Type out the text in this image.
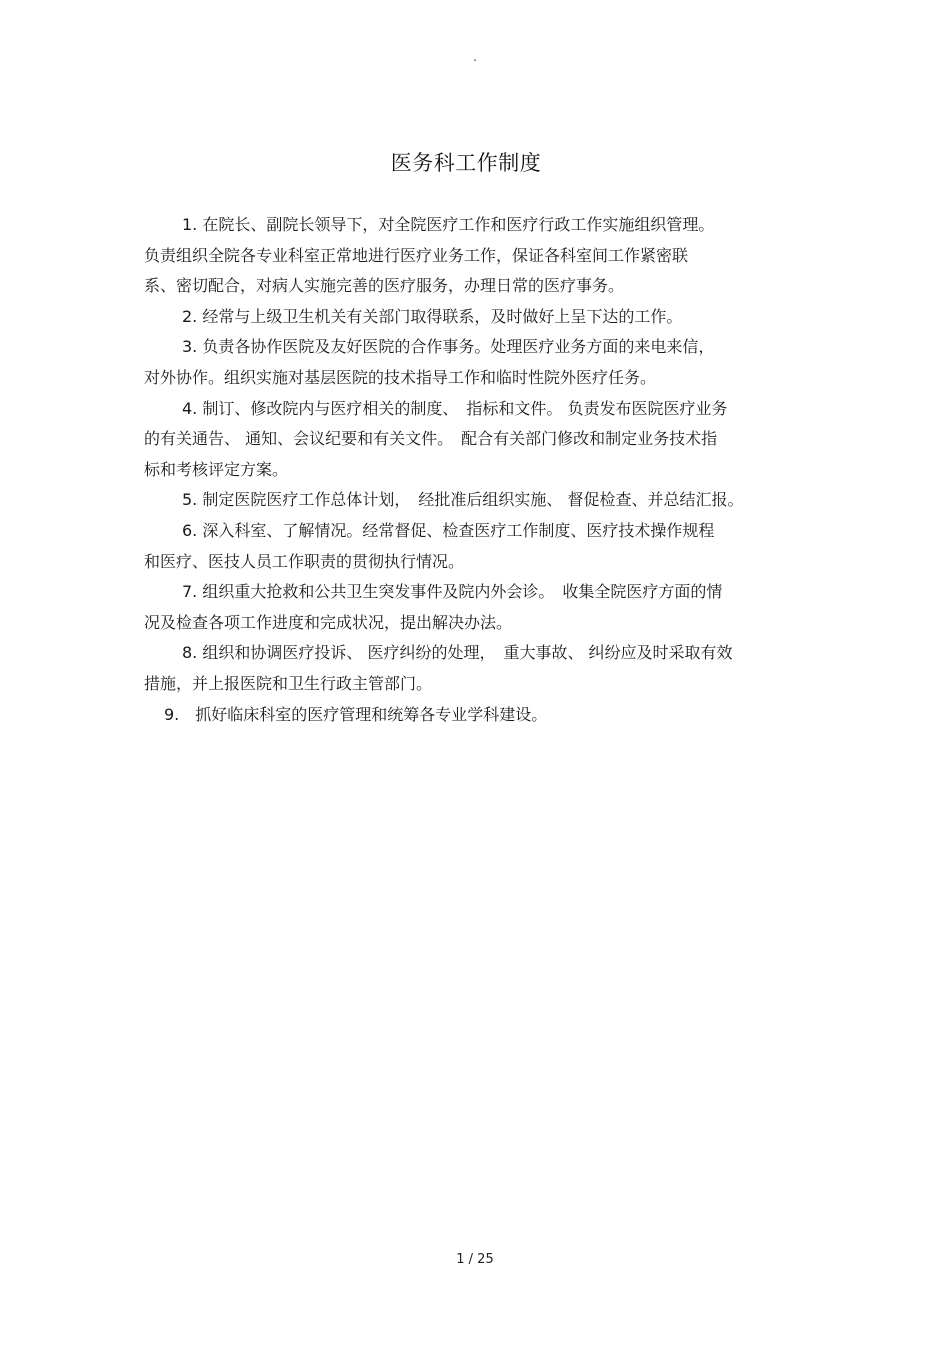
.
医务科工作制度
1. 在院长、副院长领导下，对全院医疗工作和医疗行政工作实施组织管理。
负责组织全院各专业科室正常地进行医疗业务工作，保证各科室间工作紧密联
系、密切配合，对病人实施完善的医疗服务，办理日常的医疗事务。
2. 经常与上级卫生机关有关部门取得联系，及时做好上呈下达的工作。
3. 负责各协作医院及友好医院的合作事务。处理医疗业务方面的来电来信，
对外协作。组织实施对基层医院的技术指导工作和临时性院外医疗任务。
4. 制订、修改院内与医疗相关的制度、　指标和文件。 负责发布医院医疗业务
的有关通告、 通知、会议纪要和有关文件。　配合有关部门修改和制定业务技术指
标和考核评定方案。
5. 制定医院医疗工作总体计划，　经批准后组织实施、 督促检查、并总结汇报。
6. 深入科室、了解情况。经常督促、检查医疗工作制度、医疗技术操作规程
和医疗、医技人员工作职责的贯彻执行情况。
7. 组织重大抢救和公共卫生突发事件及院内外会诊。　收集全院医疗方面的情
况及检查各项工作进度和完成状况，提出解决办法。
8. 组织和协调医疗投诉、 医疗纠纷的处理，　重大事故、 纠纷应及时采取有效
措施，并上报医院和卫生行政主管部门。
9.　抓好临床科室的医疗管理和统筹各专业学科建设。
1 / 25
